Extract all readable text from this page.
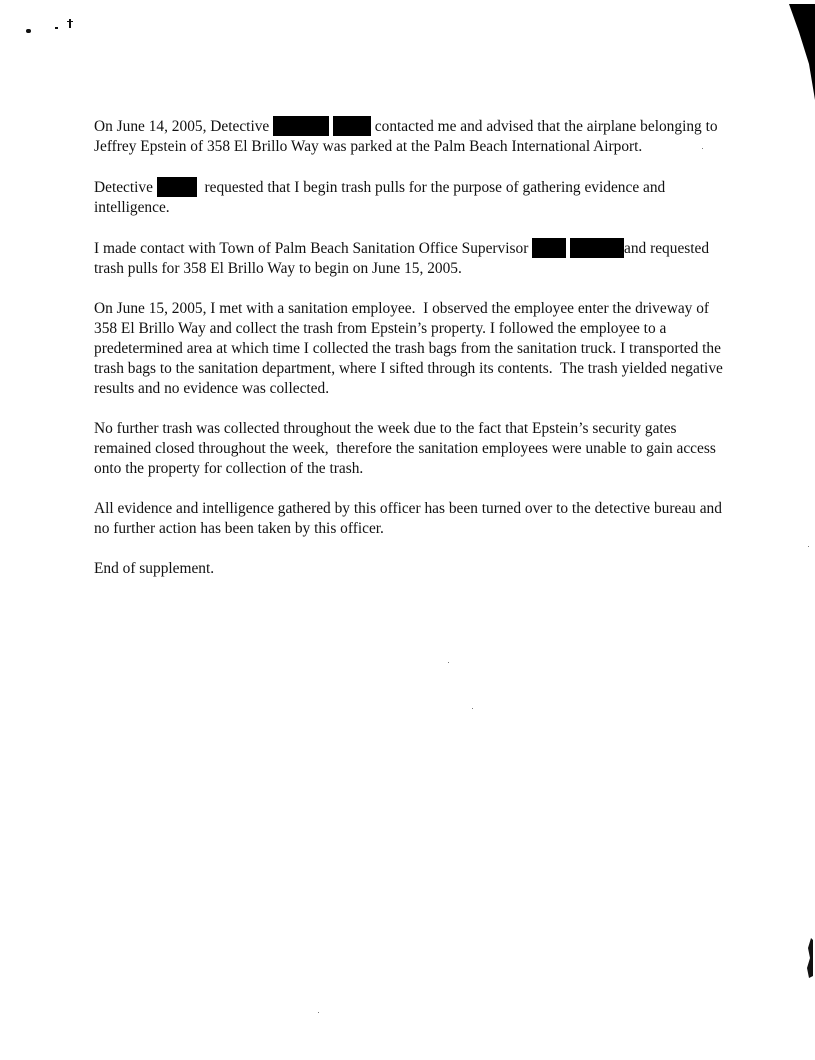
On June 14, 2005, Detective	contacted me and advised that the airplane belonging to
Jeffrey Epstein of 358 El Brillo Way was parked at the Palm Beach International Airport.

Detective	requested that I begin trash pulls for the purpose of gathering evidence and
intelligence.

I made contact with Town of Palm Beach Sanitation Office Supervisor	and requested
trash pulls for 358 El Brillo Way to begin on June 15, 2005.

On June 15, 2005, I met with a sanitation employee.  I observed the employee enter the driveway of
358 El Brillo Way and collect the trash from Epstein’s property. I followed the employee to a
predetermined area at which time I collected the trash bags from the sanitation truck. I transported the
trash bags to the sanitation department, where I sifted through its contents.  The trash yielded negative
results and no evidence was collected.

No further trash was collected throughout the week due to the fact that Epstein’s security gates
remained closed throughout the week,  therefore the sanitation employees were unable to gain access
onto the property for collection of the trash.

All evidence and intelligence gathered by this officer has been turned over to the detective bureau and
no further action has been taken by this officer.

End of supplement.
